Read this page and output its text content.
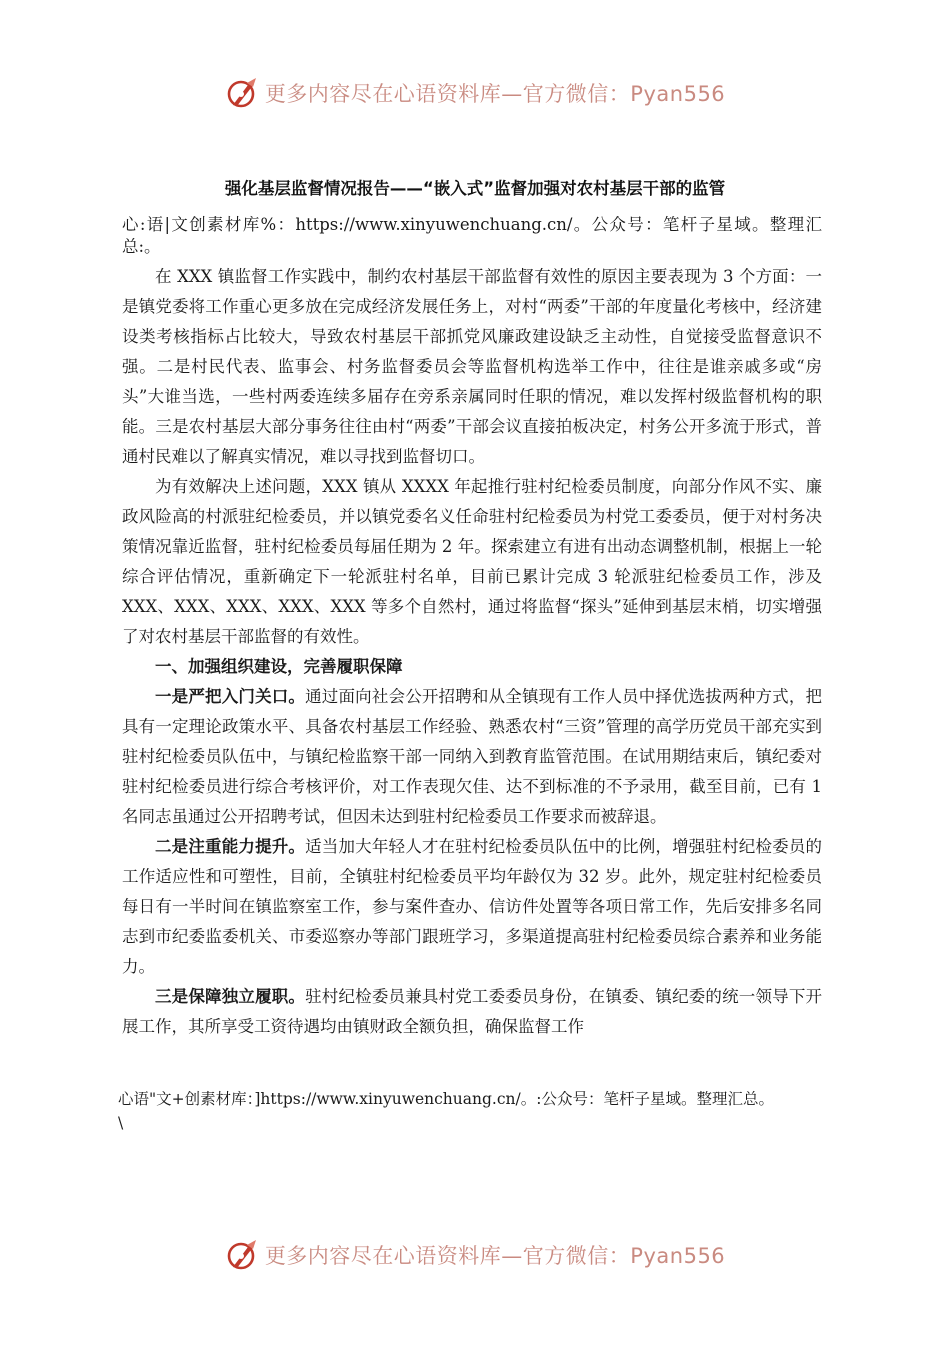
更多内容尽在心语资料库—官方微信：Pyan556
强化基层监督情况报告——“嵌入式”监督加强对农村基层干部的监管

心:语|文创素材库%：https://www.xinyuwenchuang.cn/。公众号：笔杆子星域。整理汇总:。

在 XXX 镇监督工作实践中，制约农村基层干部监督有效性的原因主要表现为 3 个方面：一是镇党委将工作重心更多放在完成经济发展任务上，对村“两委”干部的年度量化考核中，经济建设类考核指标占比较大，导致农村基层干部抓党风廉政建设缺乏主动性，自觉接受监督意识不强。二是村民代表、监事会、村务监督委员会等监督机构选举工作中，往往是谁亲戚多或“房头”大谁当选，一些村两委连续多届存在旁系亲属同时任职的情况，难以发挥村级监督机构的职能。三是农村基层大部分事务往往由村“两委”干部会议直接拍板决定，村务公开多流于形式，普通村民难以了解真实情况，难以寻找到监督切口。

为有效解决上述问题，XXX 镇从 XXXX 年起推行驻村纪检委员制度，向部分作风不实、廉政风险高的村派驻纪检委员，并以镇党委名义任命驻村纪检委员为村党工委委员，便于对村务决策情况靠近监督，驻村纪检委员每届任期为 2 年。探索建立有进有出动态调整机制，根据上一轮综合评估情况，重新确定下一轮派驻村名单，目前已累计完成 3 轮派驻纪检委员工作，涉及 XXX、XXX、XXX、XXX、XXX 等多个自然村，通过将监督“探头”延伸到基层末梢，切实增强了对农村基层干部监督的有效性。

一、加强组织建设，完善履职保障

一是严把入门关口。通过面向社会公开招聘和从全镇现有工作人员中择优选拔两种方式，把具有一定理论政策水平、具备农村基层工作经验、熟悉农村“三资”管理的高学历党员干部充实到驻村纪检委员队伍中，与镇纪检监察干部一同纳入到教育监管范围。在试用期结束后，镇纪委对驻村纪检委员进行综合考核评价，对工作表现欠佳、达不到标准的不予录用，截至目前，已有 1 名同志虽通过公开招聘考试，但因未达到驻村纪检委员工作要求而被辞退。

二是注重能力提升。适当加大年轻人才在驻村纪检委员队伍中的比例，增强驻村纪检委员的工作适应性和可塑性，目前，全镇驻村纪检委员平均年龄仅为 32 岁。此外，规定驻村纪检委员每日有一半时间在镇监察室工作，参与案件查办、信访件处置等各项日常工作，先后安排多名同志到市纪委监委机关、市委巡察办等部门跟班学习，多渠道提高驻村纪检委员综合素养和业务能力。

三是保障独立履职。驻村纪检委员兼具村党工委委员身份，在镇委、镇纪委的统一领导下开展工作，其所享受工资待遇均由镇财政全额负担，确保监督工作

心语"文+创素材库：]https://www.xinyuwenchuang.cn/。:公众号：笔杆子星域。整理汇总。
\
更多内容尽在心语资料库—官方微信：Pyan556
